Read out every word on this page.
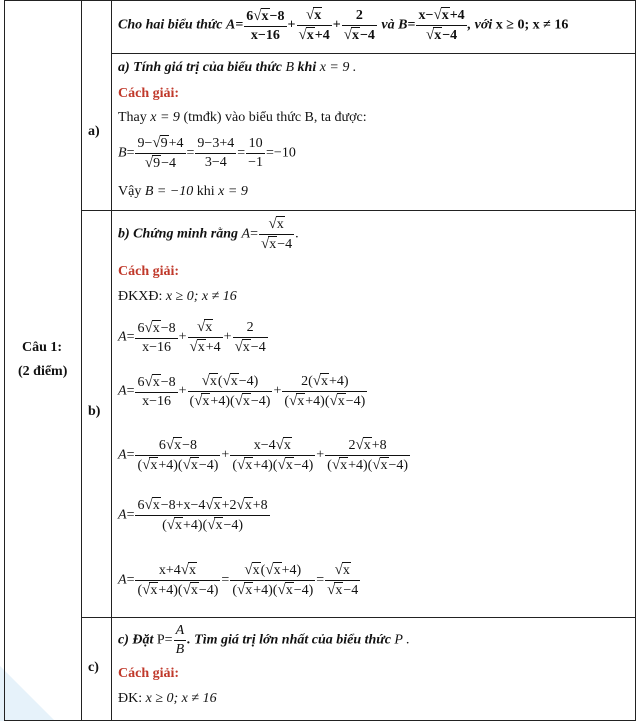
Câu 1:
(2 điểm)
a)
b)
c)
Cho hai biểu thức $A= \frac{6√x-8}{x-16} + \frac{√x}{√x+4} + \frac{2}{√x-4}$ và $B= \frac{x-√x+4}{√x-4}$ , với x ≥ 0; x ≠ 16
a) Tính giá trị của biểu thức B khi x = 9 .
Cách giải:
Thay x = 9 (tmđk) vào biểu thức B, ta được:
$B= \frac{9-√9+4}{√9-4} = \frac{9-3+4}{3-4} = \frac{10}{-1} =-10$
Vậy B = −10 khi x = 9
b) Chứng minh rằng $A= \frac{√x}{√x-4}$ .
Cách giải:
ĐKXĐ: x ≥ 0; x ≠ 16
$A= \frac{6√x-8}{x-16} + \frac{√x}{√x+4} + \frac{2}{√x-4}$
$A= \frac{6√x-8}{x-16} + \frac{√x(√x-4)}{(√x+4)(√x-4)} + \frac{2(√x+4)}{(√x+4)(√x-4)}$
$A= \frac{6√x-8}{(√x+4)(√x-4)} + \frac{x-4√x}{(√x+4)(√x-4)} + \frac{2√x+8}{(√x+4)(√x-4)}$
$A= \frac{6√x-8+x-4√x+2√x+8}{(√x+4)(√x-4)}$
$A= \frac{x+4√x}{(√x+4)(√x-4)} = \frac{√x(√x+4)}{(√x+4)(√x-4)} = \frac{√x}{√x-4}$
c) Đặt $P= \frac{A}{B}$ . Tìm giá trị lớn nhất của biểu thức P .
Cách giải:
ĐK: x ≥ 0; x ≠ 16
